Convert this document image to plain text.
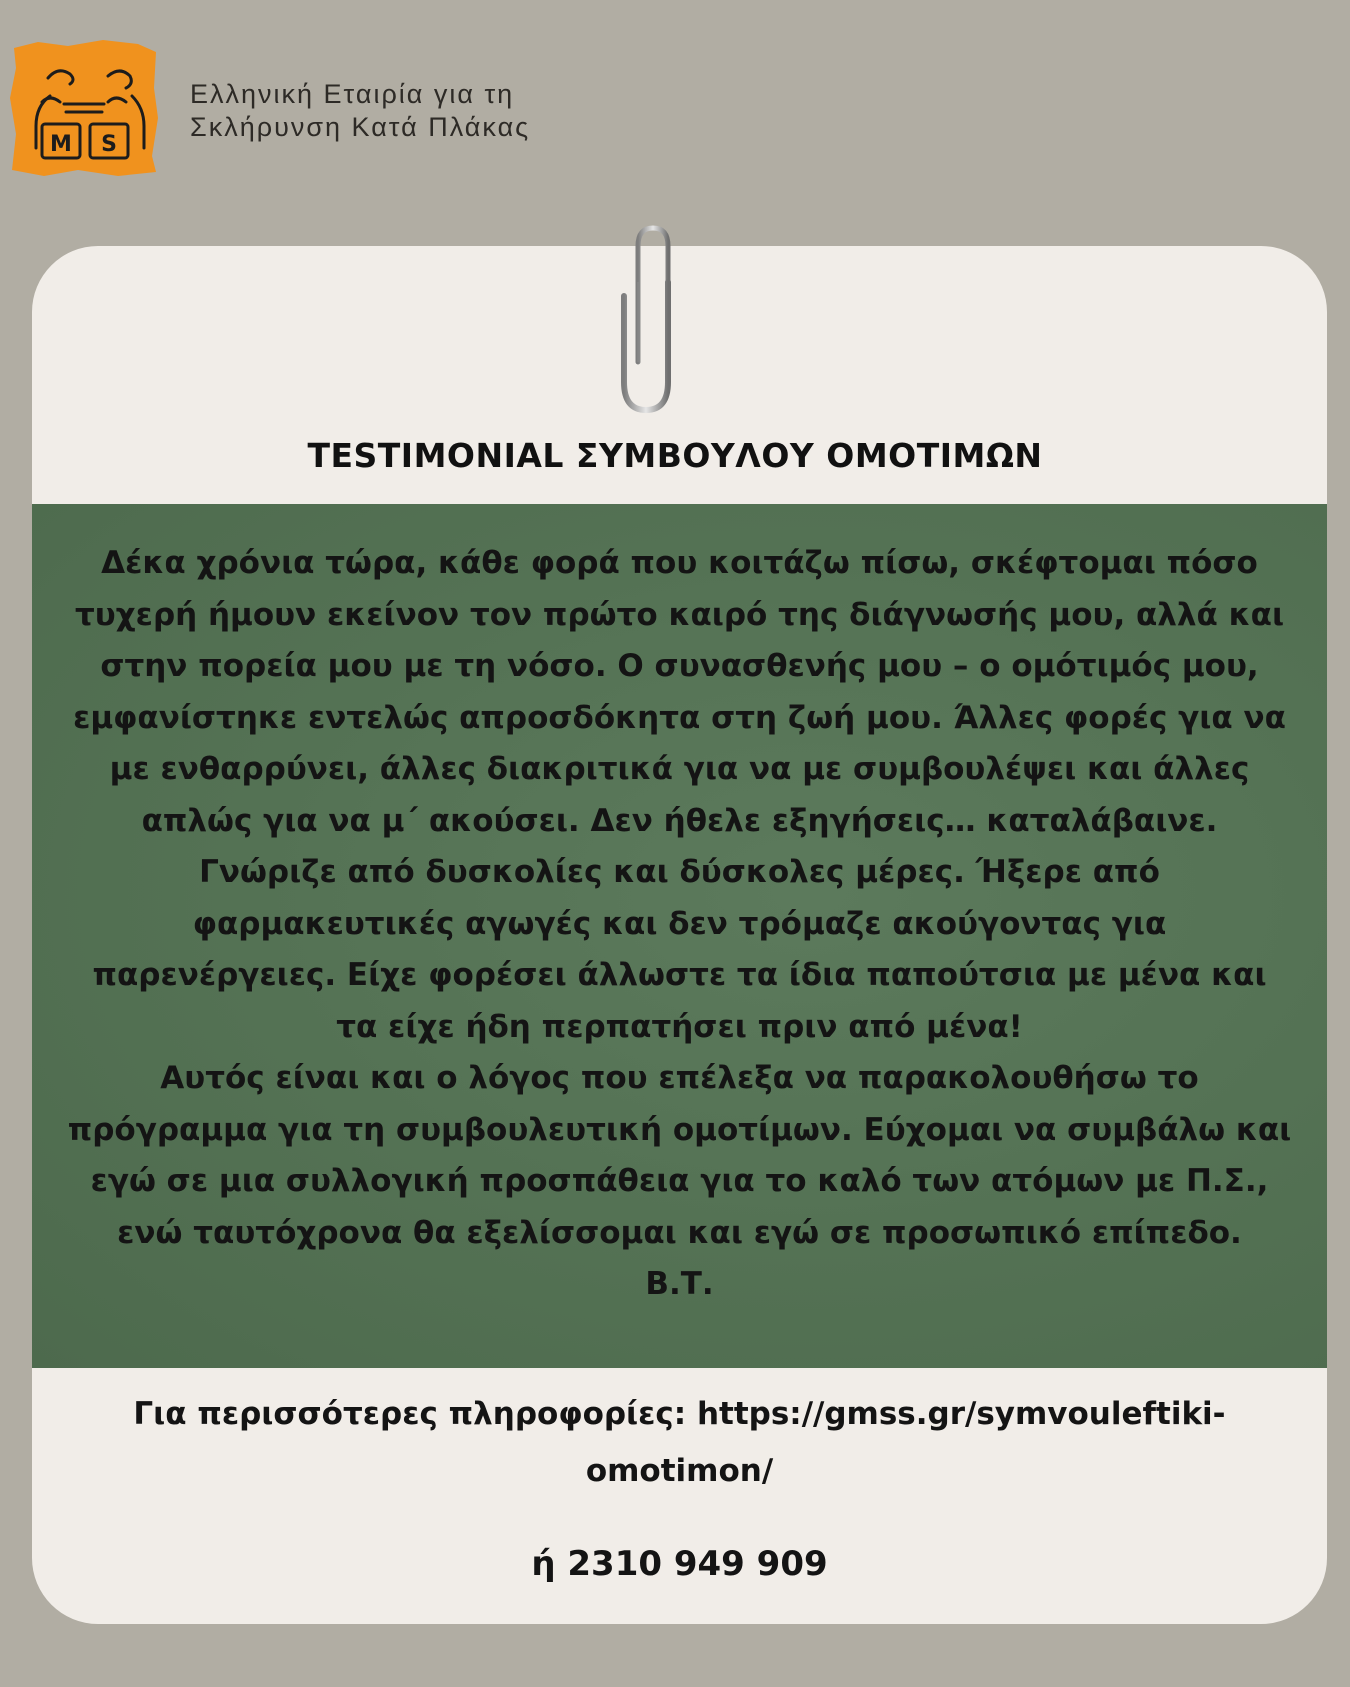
M S
Ελληνική Εταιρία για τη
Σκλήρυνση Κατά Πλάκας
TESTIMONIAL ΣΥΜΒΟΥΛΟΥ ΟΜΟΤΙΜΩΝ
Δέκα χρόνια τώρα, κάθε φορά που κοιτάζω πίσω, σκέφτομαι πόσο
τυχερή ήμουν εκείνον τον πρώτο καιρό της διάγνωσής μου, αλλά και
στην πορεία μου με τη νόσο. Ο συνασθενής μου – ο ομότιμός μου,
εμφανίστηκε εντελώς απροσδόκητα στη ζωή μου. Άλλες φορές για να
με ενθαρρύνει, άλλες διακριτικά για να με συμβουλέψει και άλλες
απλώς για να μ΄ ακούσει. Δεν ήθελε εξηγήσεις… καταλάβαινε.
Γνώριζε από δυσκολίες και δύσκολες μέρες. Ήξερε από
φαρμακευτικές αγωγές και δεν τρόμαζε ακούγοντας για
παρενέργειες. Είχε φορέσει άλλωστε τα ίδια παπούτσια με μένα και
τα είχε ήδη περπατήσει πριν από μένα!
Αυτός είναι και ο λόγος που επέλεξα να παρακολουθήσω το
πρόγραμμα για τη συμβουλευτική ομοτίμων. Εύχομαι να συμβάλω και
εγώ σε μια συλλογική προσπάθεια για το καλό των ατόμων με Π.Σ.,
ενώ ταυτόχρονα θα εξελίσσομαι και εγώ σε προσωπικό επίπεδο.
Β.Τ.
Για περισσότερες πληροφορίες: https://gmss.gr/symvouleftiki-
omotimon/
ή 2310 949 909
